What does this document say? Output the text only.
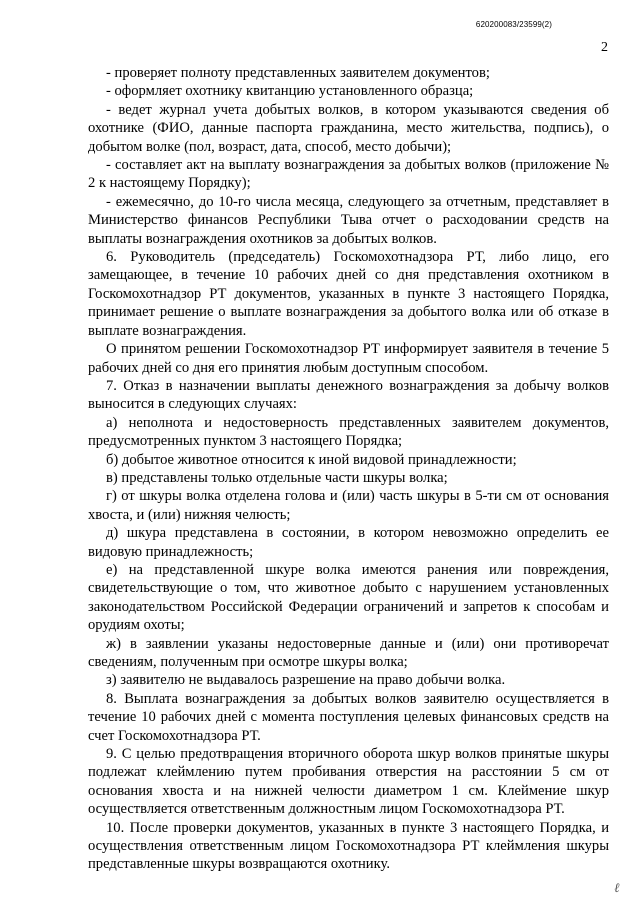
620200083/23599(2)
2

- проверяет полноту представленных заявителем документов;

- оформляет охотнику квитанцию установленного образца;

- ведет журнал учета добытых волков, в котором указываются сведения об охотнике (ФИО, данные паспорта гражданина, место жительства, подпись), о добытом волке (пол, возраст, дата, способ, место добычи);

- составляет акт на выплату вознаграждения за добытых волков (приложение № 2 к настоящему Порядку);

- ежемесячно, до 10-го числа месяца, следующего за отчетным, представляет в Министерство финансов Республики Тыва отчет о расходовании средств на выплаты вознаграждения охотников за добытых волков.

6. Руководитель (председатель) Госкомохотнадзора РТ, либо лицо, его замещающее, в течение 10 рабочих дней со дня представления охотником в Госкомохотнадзор РТ документов, указанных в пункте 3 настоящего Порядка, принимает решение о выплате вознаграждения за добытого волка или об отказе в выплате вознаграждения.

О принятом решении Госкомохотнадзор РТ информирует заявителя в течение 5 рабочих дней со дня его принятия любым доступным способом.

7. Отказ в назначении выплаты денежного вознаграждения за добычу волков выносится в следующих случаях:

а) неполнота и недостоверность представленных заявителем документов, предусмотренных пунктом 3 настоящего Порядка;

б) добытое животное относится к иной видовой принадлежности;

в) представлены только отдельные части шкуры волка;

г) от шкуры волка отделена голова и (или) часть шкуры в 5-ти см от основания хвоста, и (или) нижняя челюсть;

д) шкура представлена в состоянии, в котором невозможно определить ее видовую принадлежность;

е) на представленной шкуре волка имеются ранения или повреждения, свидетельствующие о том, что животное добыто с нарушением установленных законодательством Российской Федерации ограничений и запретов к способам и орудиям охоты;

ж) в заявлении указаны недостоверные данные и (или) они противоречат сведениям, полученным при осмотре шкуры волка;

з) заявителю не выдавалось разрешение на право добычи волка.

8. Выплата вознаграждения за добытых волков заявителю осуществляется в течение 10 рабочих дней с момента поступления целевых финансовых средств на счет Госкомохотнадзора РТ.

9. С целью предотвращения вторичного оборота шкур волков принятые шкуры подлежат клеймлению путем пробивания отверстия на расстоянии 5 см от основания хвоста и на нижней челюсти диаметром 1 см. Клеймение шкур осуществляется ответственным должностным лицом Госкомохотнадзора РТ.

10. После проверки документов, указанных в пункте 3 настоящего Порядка, и осуществления ответственным лицом Госкомохотнадзора РТ клеймления шкуры представленные шкуры возвращаются охотнику.

ℓ
